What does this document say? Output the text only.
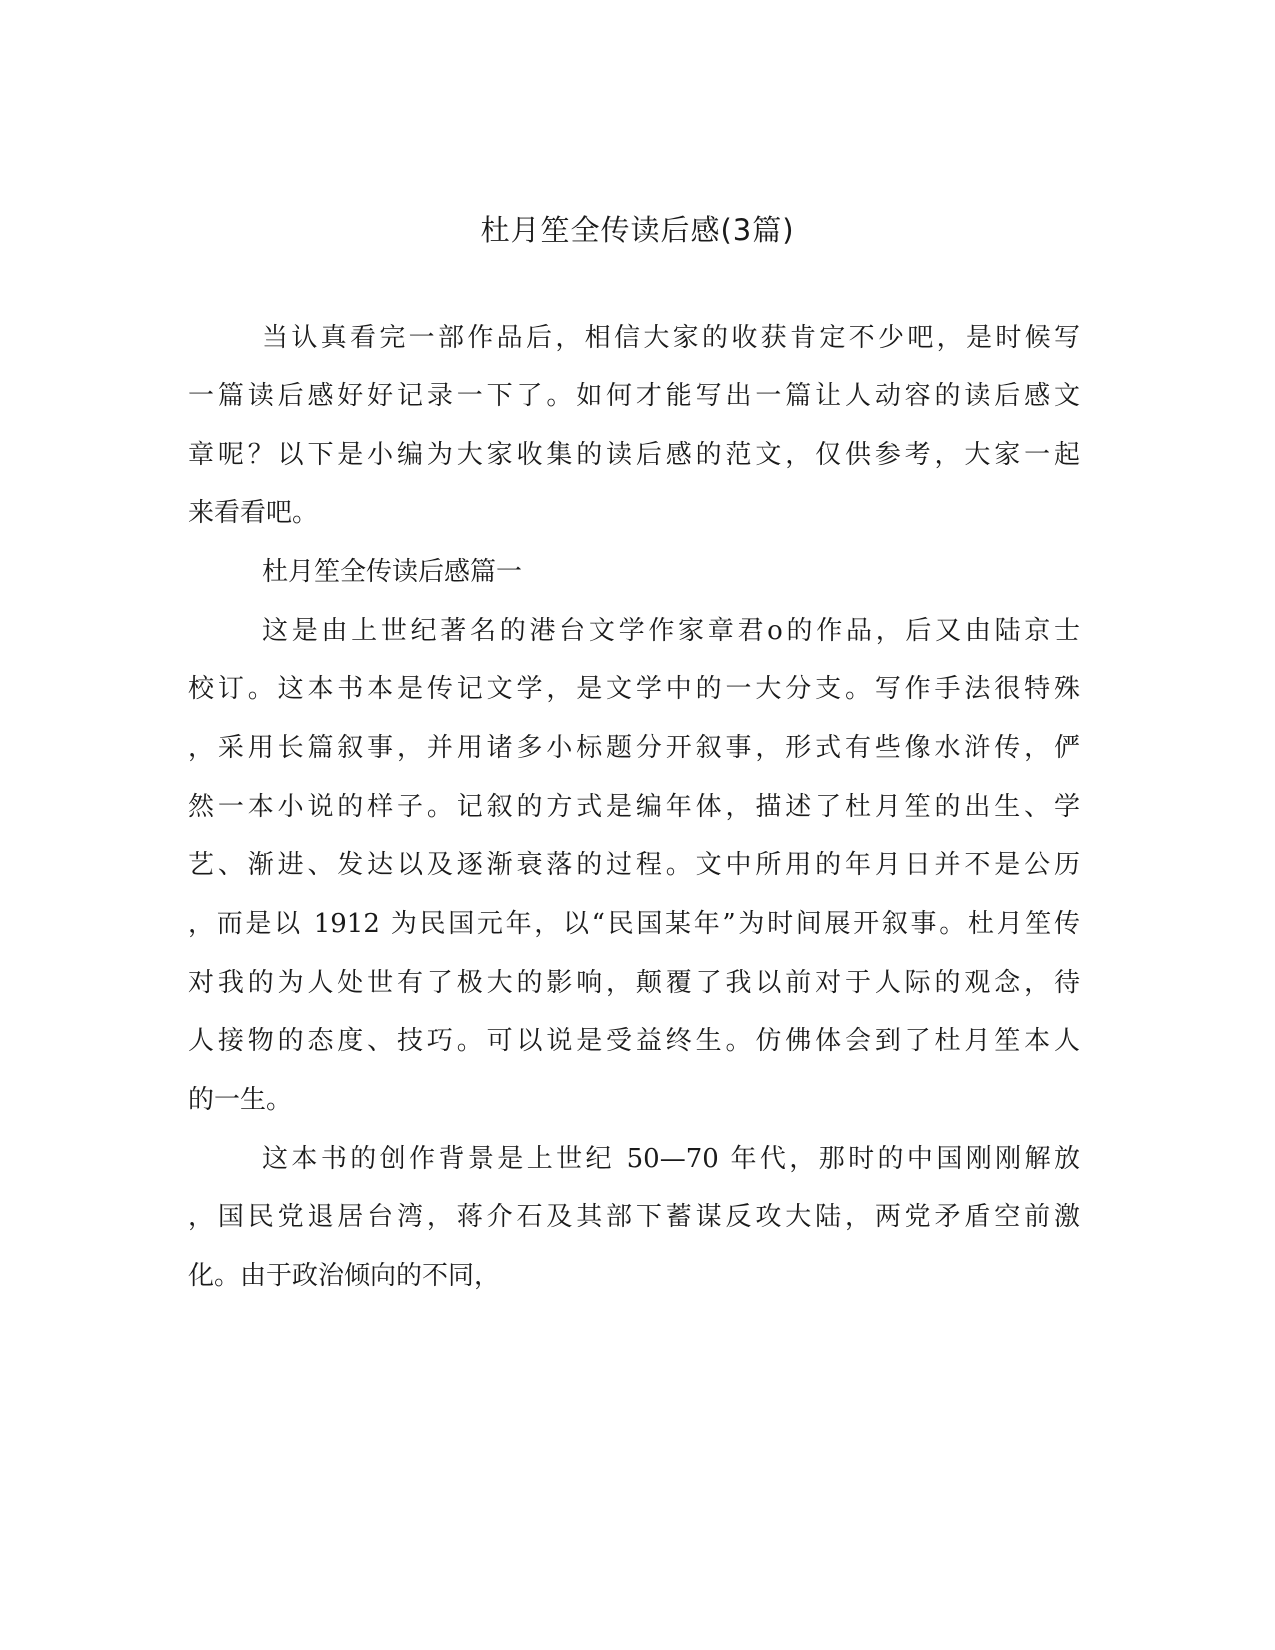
杜月笙全传读后感(3篇)

当认真看完一部作品后，相信大家的收获肯定不少吧，是时候写

一篇读后感好好记录一下了。如何才能写出一篇让人动容的读后感文

章呢？以下是小编为大家收集的读后感的范文，仅供参考，大家一起

来看看吧。

杜月笙全传读后感篇一

这是由上世纪著名的港台文学作家章君o的作品，后又由陆京士

校订。这本书本是传记文学，是文学中的一大分支。写作手法很特殊

，采用长篇叙事，并用诸多小标题分开叙事，形式有些像水浒传，俨

然一本小说的样子。记叙的方式是编年体，描述了杜月笙的出生、学

艺、渐进、发达以及逐渐衰落的过程。文中所用的年月日并不是公历

，而是以 1912 为民国元年，以“民国某年”为时间展开叙事。杜月笙传

对我的为人处世有了极大的影响，颠覆了我以前对于人际的观念，待

人接物的态度、技巧。可以说是受益终生。仿佛体会到了杜月笙本人

的一生。

这本书的创作背景是上世纪 50—70 年代，那时的中国刚刚解放

，国民党退居台湾，蒋介石及其部下蓄谋反攻大陆，两党矛盾空前激

化。由于政治倾向的不同，
